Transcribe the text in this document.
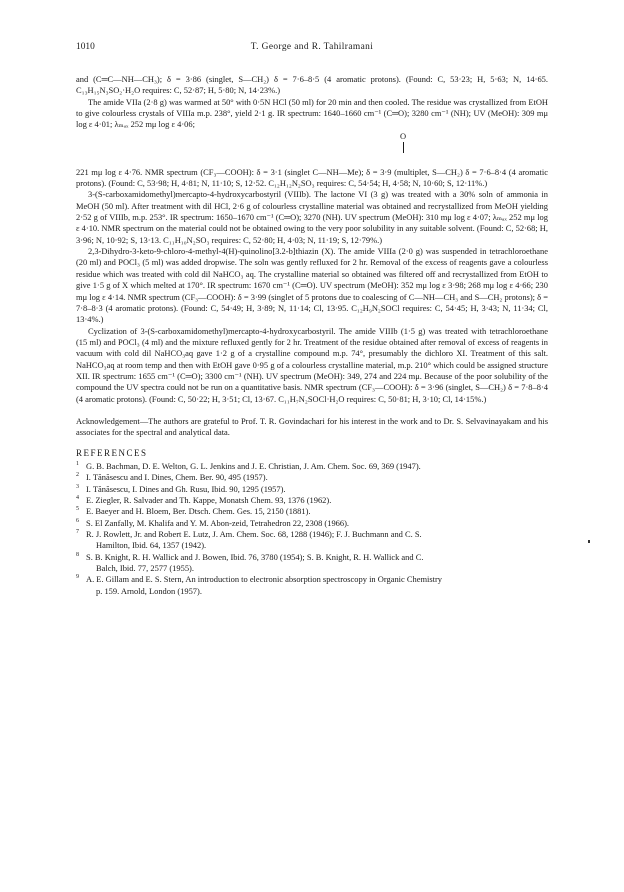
1010	T. George and R. Tahilramani

and (C═C—NH—CH₃); δ = 3·86 (singlet, S—CH₂) δ = 7·6–8·5 (4 aromatic protons). (Found: C, 53·23; H, 5·63; N, 14·65. C₁₃H₁₅N₃SO₂·H₂O requires: C, 52·87; H, 5·80; N, 14·23%.)

The amide VIIa (2·8 g) was warmed at 50° with 0·5N HCl (50 ml) for 20 min and then cooled. The residue was crystallized from EtOH to give colourless crystals of VIIIa m.p. 238°, yield 2·1 g. IR spectrum: 1640–1660 cm⁻¹ (C═O); 3280 cm⁻¹ (NH); UV (MeOH): 309 mμ log ε 4·01; λₘₐₓ 252 mμ log ε 4·06;

O

221 mμ log ε 4·76. NMR spectrum (CF₃—COOH): δ = 3·1 (singlet C—NH—Me); δ = 3·9 (multiplet, S—CH₂) δ = 7·6–8·4 (4 aromatic protons). (Found: C, 53·98; H, 4·81; N, 11·10; S, 12·52. C₁₂H₁₂N₂SO₃ requires: C, 54·54; H, 4·58; N, 10·60; S, 12·11%.)

3-(S-carboxamidomethyl)mercapto-4-hydroxycarbostyril (VIIIb). The lactone VI (3 g) was treated with a 30% soln of ammonia in MeOH (50 ml). After treatment with dil HCl, 2·6 g of colourless crystalline material was obtained and recrystallized from MeOH yielding 2·52 g of VIIIb, m.p. 253°. IR spectrum: 1650–1670 cm⁻¹ (C═O); 3270 (NH). UV spectrum (MeOH): 310 mμ log ε 4·07; λₘₐₓ 252 mμ log ε 4·10. NMR spectrum on the material could not be obtained owing to the very poor solubility in any suitable solvent. (Found: C, 52·68; H, 3·96; N, 10·92; S, 13·13. C₁₁H₁₀N₂SO₃ requires: C, 52·80; H, 4·03; N, 11·19; S, 12·79%.)

2,3-Dihydro-3-keto-9-chloro-4-methyl-4(H)-quinolino[3.2-b]thiazin (X). The amide VIIIa (2·0 g) was suspended in tetrachloroethane (20 ml) and POCl₃ (5 ml) was added dropwise. The soln was gently refluxed for 2 hr. Removal of the excess of reagents gave a colourless residue which was treated with cold dil NaHCO₃ aq. The crystalline material so obtained was filtered off and recrystallized from EtOH to give 1·5 g of X which melted at 170°. IR spectrum: 1670 cm⁻¹ (C═O). UV spectrum (MeOH): 352 mμ log ε 3·98; 268 mμ log ε 4·66; 230 mμ log ε 4·14. NMR spectrum (CF₃—COOH): δ = 3·99 (singlet of 5 protons due to coalescing of C—NH—CH₃ and S—CH₂ protons); δ = 7·8–8·3 (4 aromatic protons). (Found: C, 54·49; H, 3·89; N, 11·14; Cl, 13·95. C₁₂H₉N₂SOCl requires: C, 54·45; H, 3·43; N, 11·34; Cl, 13·4%.)

Cyclization of 3-(S-carboxamidomethyl)mercapto-4-hydroxycarbostyril. The amide VIIIb (1·5 g) was treated with tetrachloroethane (15 ml) and POCl₃ (4 ml) and the mixture refluxed gently for 2 hr. Treatment of the residue obtained after removal of excess of reagents in vacuum with cold dil NaHCO₃aq gave 1·2 g of a crystalline compound m.p. 74°, presumably the dichloro XI. Treatment of this salt. NaHCO₃aq at room temp and then with EtOH gave 0·95 g of a colourless crystalline material, m.p. 210° which could be assigned structure XII. IR spectrum: 1655 cm⁻¹ (C═O); 3300 cm⁻¹ (NH). UV spectrum (MeOH): 349, 274 and 224 mμ. Because of the poor solubility of the compound the UV spectra could not be run on a quantitative basis. NMR spectrum (CF₃—COOH): δ = 3·96 (singlet, S—CH₂) δ = 7·8–8·4 (4 aromatic protons). (Found: C, 50·22; H, 3·51; Cl, 13·67. C₁₁H₇N₂SOCl·H₂O requires: C, 50·81; H, 3·10; Cl, 14·15%.)

Acknowledgement—The authors are grateful to Prof. T. R. Govindachari for his interest in the work and to Dr. S. Selvavinayakam and his associates for the spectral and analytical data.

REFERENCES

1 G. B. Bachman, D. E. Welton, G. L. Jenkins and J. E. Christian, J. Am. Chem. Soc. 69, 369 (1947).
2 I. Tănăsescu and I. Dines, Chem. Ber. 90, 495 (1957).
3 I. Tănăsescu, I. Dines and Gh. Rusu, Ibid. 90, 1295 (1957).
4 E. Ziegler, R. Salvader and Th. Kappe, Monatsh Chem. 93, 1376 (1962).
5 E. Baeyer and H. Bloem, Ber. Dtsch. Chem. Ges. 15, 2150 (1881).
6 S. El Zanfally, M. Khalifa and Y. M. Abon-zeid, Tetrahedron 22, 2308 (1966).
7 R. J. Rowlett, Jr. and Robert E. Lutz, J. Am. Chem. Soc. 68, 1288 (1946); F. J. Buchmann and C. S.
Hamilton, Ibid. 64, 1357 (1942).
8 S. B. Knight, R. H. Wallick and J. Bowen, Ibid. 76, 3780 (1954); S. B. Knight, R. H. Wallick and C.
Balch, Ibid. 77, 2577 (1955).
9 A. E. Gillam and E. S. Stern, An introduction to electronic absorption spectroscopy in Organic Chemistry
p. 159. Arnold, London (1957).
